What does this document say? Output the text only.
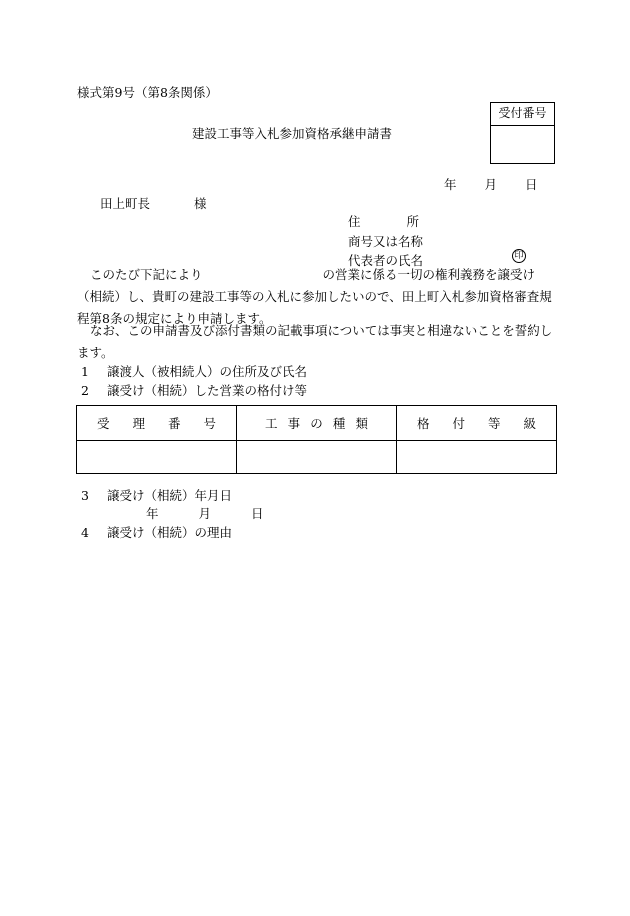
様式第9号（第8条関係）
建設工事等入札参加資格承継申請書
受付番号
年 月 日
田上町長	様
住	所
商号又は名称
代表者の氏名	印
このたび下記により	の営業に係る一切の権利義務を譲受け（相続）し、貴町の建設工事等の入札に参加したいので、田上町入札参加資格審査規程第8条の規定により申請します。
なお、この申請書及び添付書類の記載事項については事実と相違ないことを誓約します。
1 譲渡人（被相続人）の住所及び氏名
2 譲受け（相続）した営業の格付け等
受 理 番 号	工 事 の 種 類	格 付 等 級

3 譲受け（相続）年月日
年	月	日
4 譲受け（相続）の理由
